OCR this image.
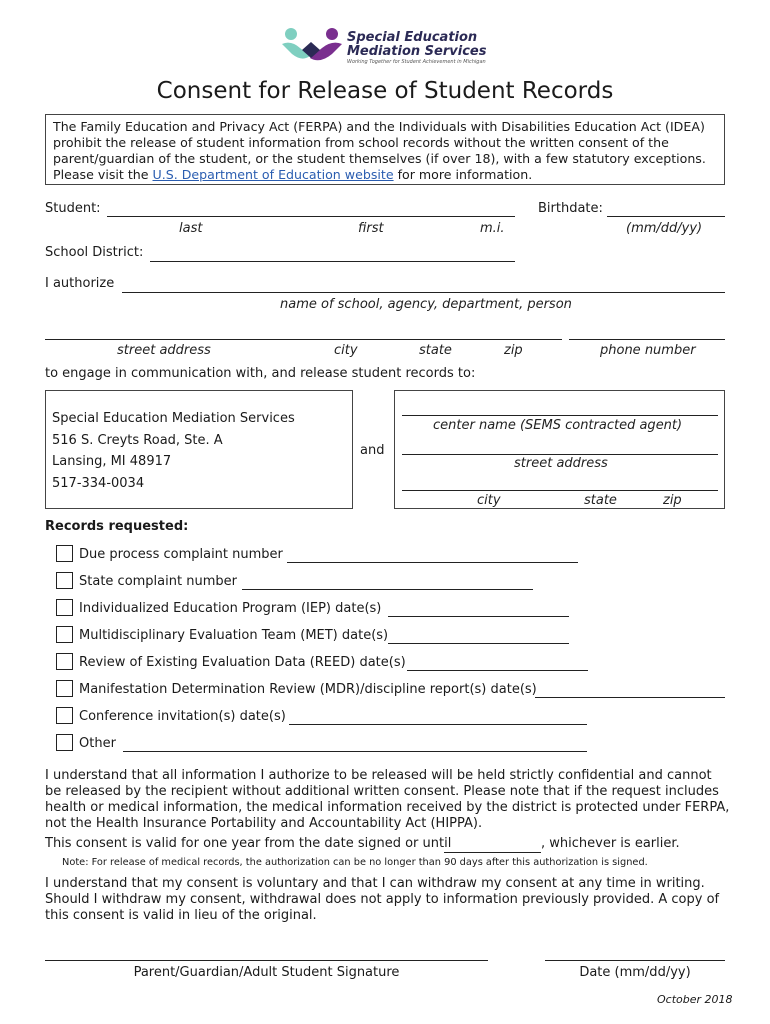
Special Education
Mediation Services
Working Together for Student Achievement in Michigan
Consent for Release of Student Records
The Family Education and Privacy Act (FERPA) and the Individuals with Disabilities Education Act (IDEA) prohibit the release of student information from school records without the written consent of the parent/guardian of the student, or the student themselves (if over 18), with a few statutory exceptions. Please visit the U.S. Department of Education website for more information.
Student:
last	first	m.i.
Birthdate:
(mm/dd/yy)
School District:
I authorize
name of school, agency, department, person
street address	city	state	zip	phone number
to engage in communication with, and release student records to:
Special Education Mediation Services
516 S. Creyts Road, Ste. A
Lansing, MI 48917
517-334-0034
and
center name (SEMS contracted agent)
street address
city	state	zip
Records requested:
Due process complaint number
State complaint number
Individualized Education Program (IEP) date(s)
Multidisciplinary Evaluation Team (MET) date(s)
Review of Existing Evaluation Data (REED) date(s)
Manifestation Determination Review (MDR)/discipline report(s) date(s)
Conference invitation(s) date(s)
Other
I understand that all information I authorize to be released will be held strictly confidential and cannot be released by the recipient without additional written consent. Please note that if the request includes health or medical information, the medical information received by the district is protected under FERPA, not the Health Insurance Portability and Accountability Act (HIPPA).
This consent is valid for one year from the date signed or until	, whichever is earlier.
Note: For release of medical records, the authorization can be no longer than 90 days after this authorization is signed.
I understand that my consent is voluntary and that I can withdraw my consent at any time in writing. Should I withdraw my consent, withdrawal does not apply to information previously provided. A copy of this consent is valid in lieu of the original.
Parent/Guardian/Adult Student Signature	Date (mm/dd/yy)
October 2018
